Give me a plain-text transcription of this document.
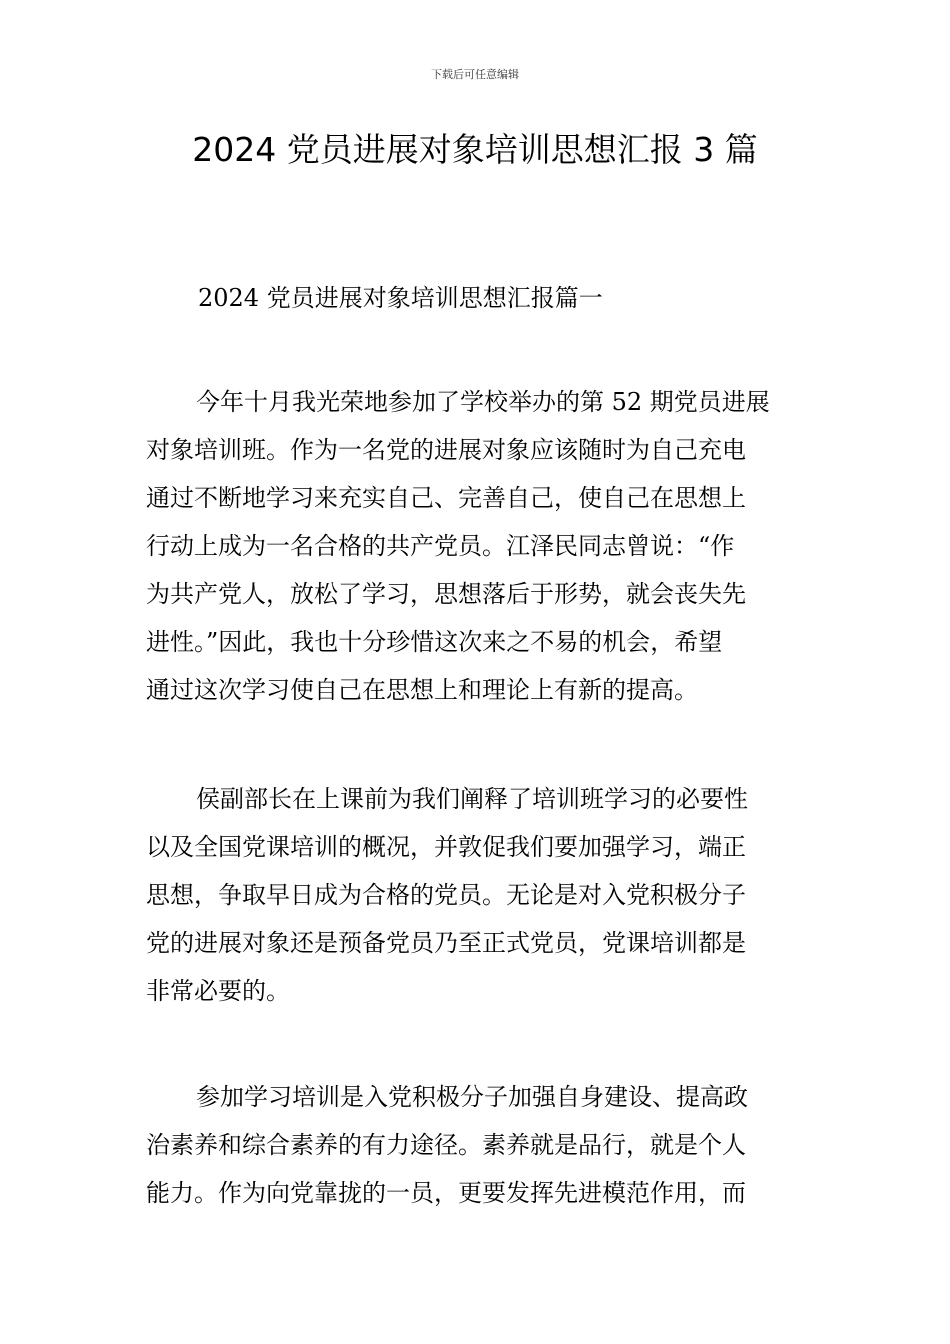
下载后可任意编辑
2024 党员进展对象培训思想汇报 3 篇
2024 党员进展对象培训思想汇报篇一
今年十月我光荣地参加了学校举办的第 52 期党员进展
对象培训班。作为一名党的进展对象应该随时为自己充电
通过不断地学习来充实自己、完善自己，使自己在思想上
行动上成为一名合格的共产党员。江泽民同志曾说：“作
为共产党人，放松了学习，思想落后于形势，就会丧失先
进性。”因此，我也十分珍惜这次来之不易的机会，希望
通过这次学习使自己在思想上和理论上有新的提高。
侯副部长在上课前为我们阐释了培训班学习的必要性
以及全国党课培训的概况，并敦促我们要加强学习，端正
思想，争取早日成为合格的党员。无论是对入党积极分子
党的进展对象还是预备党员乃至正式党员，党课培训都是
非常必要的。
参加学习培训是入党积极分子加强自身建设、提高政
治素养和综合素养的有力途径。素养就是品行，就是个人
能力。作为向党靠拢的一员，更要发挥先进模范作用，而
